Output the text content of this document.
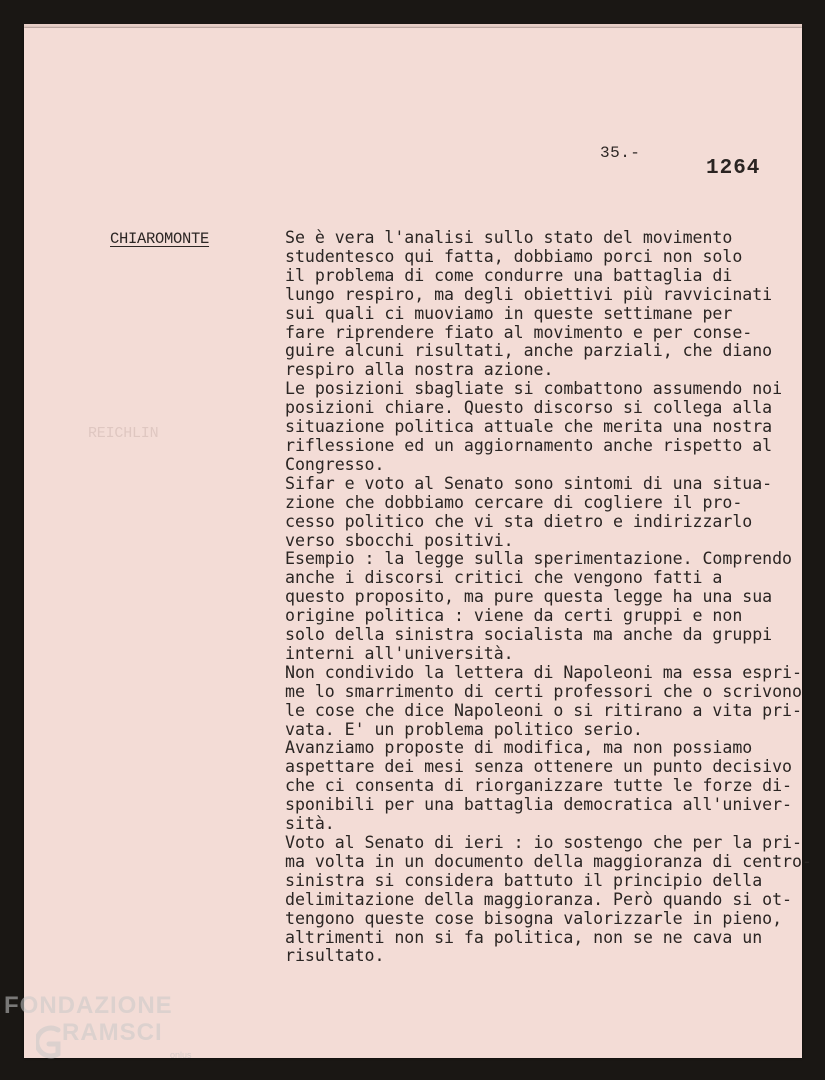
35.-
1264
CHIAROMONTE
REICHLIN
Se è vera l'analisi sullo stato del movimento
studentesco qui fatta, dobbiamo porci non solo
il problema di come condurre una battaglia di
lungo respiro, ma degli obiettivi più ravvicinati
sui quali ci muoviamo in queste settimane per
fare riprendere fiato al movimento e per conse-
guire alcuni risultati, anche parziali, che diano
respiro alla nostra azione.
Le posizioni sbagliate si combattono assumendo noi
posizioni chiare. Questo discorso si collega alla
situazione politica attuale che merita una nostra
riflessione ed un aggiornamento anche rispetto al
Congresso.
Sifar e voto al Senato sono sintomi di una situa-
zione che dobbiamo cercare di cogliere il pro-
cesso politico che vi sta dietro e indirizzarlo
verso sbocchi positivi.
Esempio : la legge sulla sperimentazione. Comprendo
anche i discorsi critici che vengono fatti a
questo proposito, ma pure questa legge ha una sua
origine politica : viene da certi gruppi e non
solo della sinistra socialista ma anche da gruppi
interni all'università.
Non condivido la lettera di Napoleoni ma essa espri-
me lo smarrimento di certi professori che o scrivono
le cose che dice Napoleoni o si ritirano a vita pri-
vata. E' un problema politico serio.
Avanziamo proposte di modifica, ma non possiamo
aspettare dei mesi senza ottenere un punto decisivo
che ci consenta di riorganizzare tutte le forze di-
sponibili per una battaglia democratica all'univer-
sità.
Voto al Senato di ieri : io sostengo che per la pri-
ma volta in un documento della maggioranza di centro-
sinistra si considera battuto il principio della
delimitazione della maggioranza. Però quando si ot-
tengono queste cose bisogna valorizzarle in pieno,
altrimenti non si fa politica, non se ne cava un
risultato.
FONDAZIONE
RAMSCI
onlus
